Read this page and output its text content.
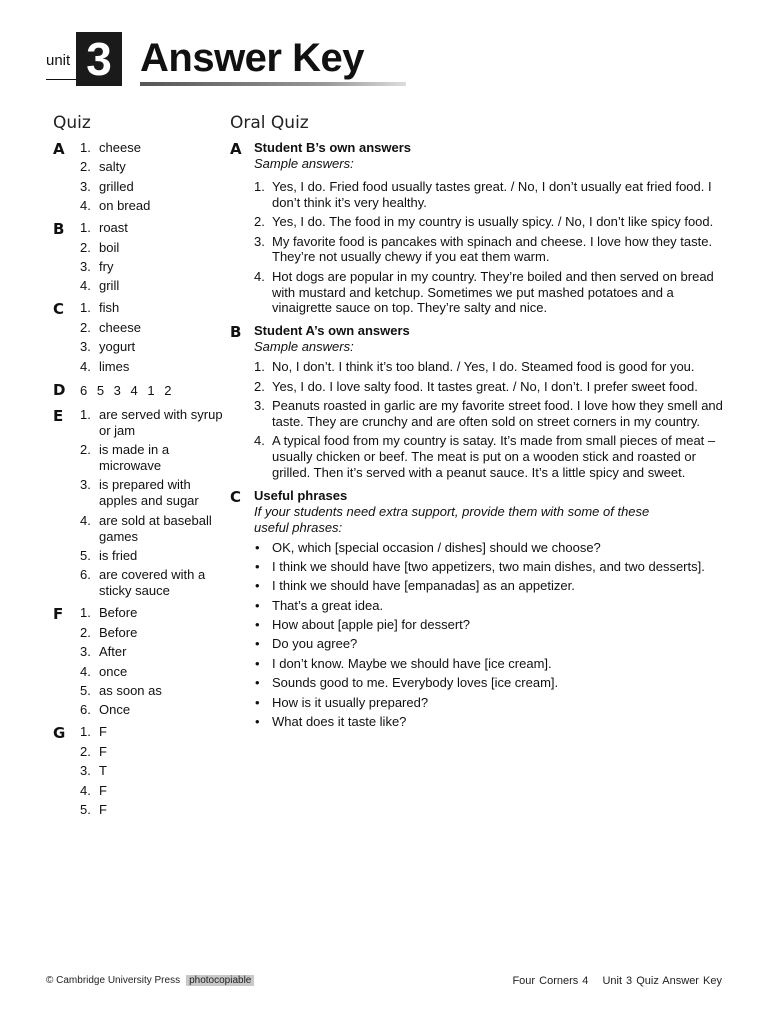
unit 3 Answer Key
Quiz	Oral Quiz
A 1. cheese
2. salty
3. grilled
4. on bread
B 1. roast
2. boil
3. fry
4. grill
C 1. fish
2. cheese
3. yogurt
4. limes
D 6 5 3 4 1 2
E 1. are served with syrup or jam
2. is made in a microwave
3. is prepared with apples and sugar
4. are sold at baseball games
5. is fried
6. are covered with a sticky sauce
F 1. Before
2. Before
3. After
4. once
5. as soon as
6. Once
G 1. F
2. F
3. T
4. F
5. F
A Student B’s own answers
Sample answers:
1. Yes, I do. Fried food usually tastes great. / No, I don’t usually eat fried food. I don’t think it’s very healthy.
2. Yes, I do. The food in my country is usually spicy. / No, I don’t like spicy food.
3. My favorite food is pancakes with spinach and cheese. I love how they taste. They’re not usually chewy if you eat them warm.
4. Hot dogs are popular in my country. They’re boiled and then served on bread with mustard and ketchup. Sometimes we put mashed potatoes and a vinaigrette sauce on top. They’re salty and nice.
B Student A’s own answers
Sample answers:
1. No, I don’t. I think it’s too bland. / Yes, I do. Steamed food is good for you.
2. Yes, I do. I love salty food. It tastes great. / No, I don’t. I prefer sweet food.
3. Peanuts roasted in garlic are my favorite street food. I love how they smell and taste. They are crunchy and are often sold on street corners in my country.
4. A typical food from my country is satay. It’s made from small pieces of meat – usually chicken or beef. The meat is put on a wooden stick and roasted or grilled. Then it’s served with a peanut sauce. It’s a little spicy and sweet.
C Useful phrases
If your students need extra support, provide them with some of these useful phrases:
• OK, which [special occasion / dishes] should we choose?
• I think we should have [two appetizers, two main dishes, and two desserts].
• I think we should have [empanadas] as an appetizer.
• That’s a great idea.
• How about [apple pie] for dessert?
• Do you agree?
• I don’t know. Maybe we should have [ice cream].
• Sounds good to me. Everybody loves [ice cream].
• How is it usually prepared?
• What does it taste like?
© Cambridge University Press photocopiable	Four Corners 4 Unit 3 Quiz Answer Key
